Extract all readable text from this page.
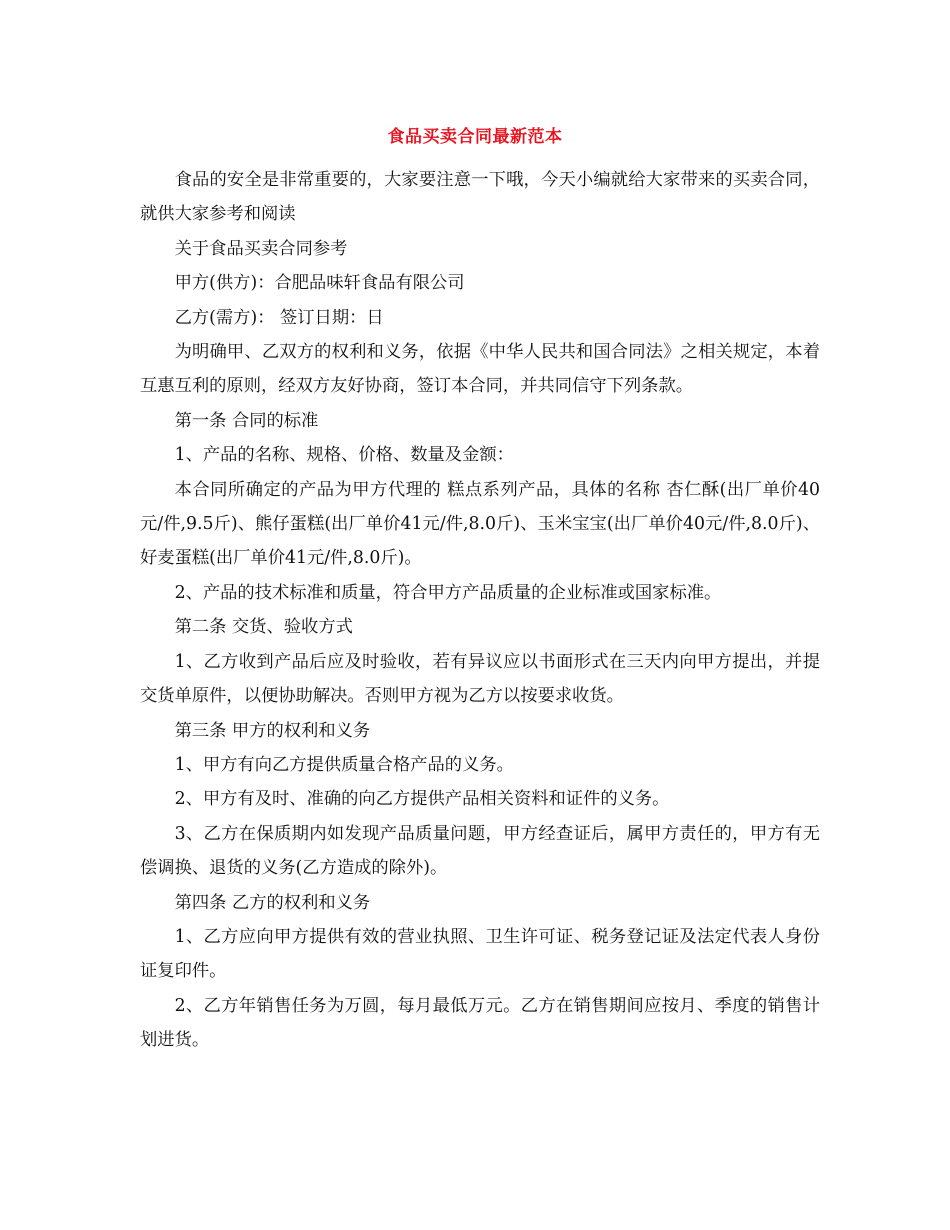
食品买卖合同最新范本

食品的安全是非常重要的，大家要注意一下哦，今天小编就给大家带来的买卖合同，就供大家参考和阅读

关于食品买卖合同参考

甲方(供方)：合肥品味轩食品有限公司

乙方(需方)： 签订日期：日

为明确甲、乙双方的权利和义务，依据《中华人民共和国合同法》之相关规定，本着互惠互利的原则，经双方友好协商，签订本合同，并共同信守下列条款。

第一条 合同的标准

1、产品的名称、规格、价格、数量及金额：

本合同所确定的产品为甲方代理的 糕点系列产品，具体的名称 杏仁酥(出厂单价40元/件,9.5斤)、熊仔蛋糕(出厂单价41元/件,8.0斤)、玉米宝宝(出厂单价40元/件,8.0斤)、好麦蛋糕(出厂单价41元/件,8.0斤)。

2、产品的技术标准和质量，符合甲方产品质量的企业标准或国家标准。

第二条 交货、验收方式

1、乙方收到产品后应及时验收，若有异议应以书面形式在三天内向甲方提出，并提交货单原件，以便协助解决。否则甲方视为乙方以按要求收货。

第三条 甲方的权利和义务

1、甲方有向乙方提供质量合格产品的义务。

2、甲方有及时、准确的向乙方提供产品相关资料和证件的义务。

3、乙方在保质期内如发现产品质量问题，甲方经查证后，属甲方责任的，甲方有无偿调换、退货的义务(乙方造成的除外)。

第四条 乙方的权利和义务

1、乙方应向甲方提供有效的营业执照、卫生许可证、税务登记证及法定代表人身份证复印件。

2、乙方年销售任务为万圆，每月最低万元。乙方在销售期间应按月、季度的销售计划进货。
